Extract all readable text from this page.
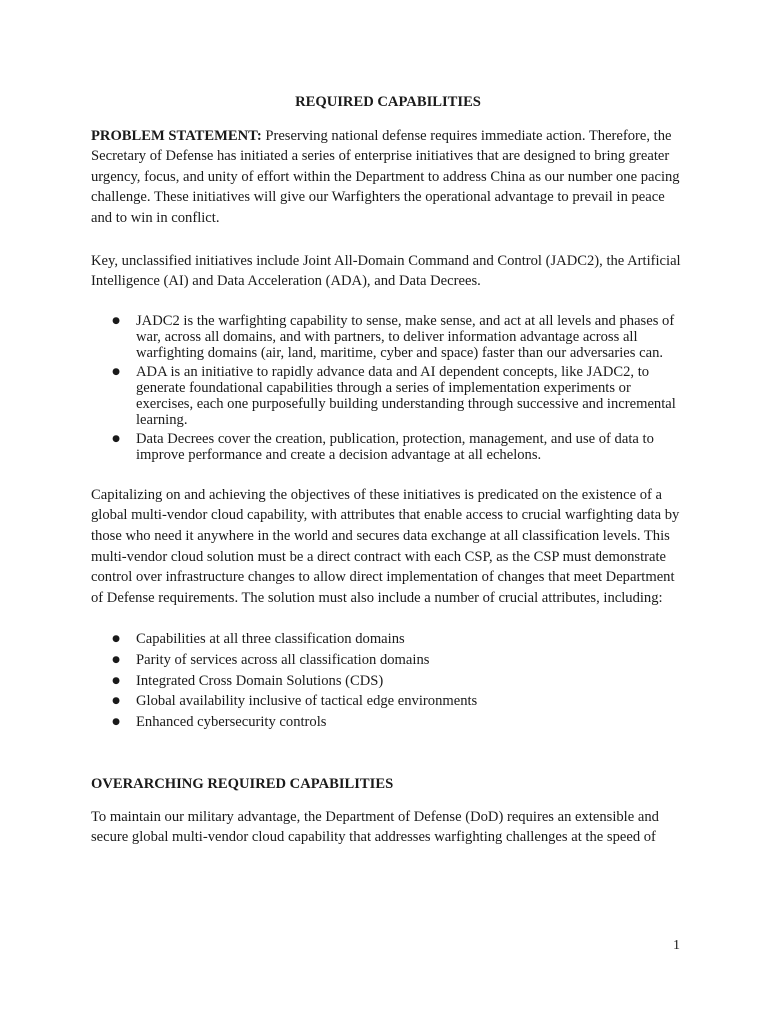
REQUIRED CAPABILITIES

PROBLEM STATEMENT: Preserving national defense requires immediate action. Therefore, the Secretary of Defense has initiated a series of enterprise initiatives that are designed to bring greater urgency, focus, and unity of effort within the Department to address China as our number one pacing challenge. These initiatives will give our Warfighters the operational advantage to prevail in peace and to win in conflict.

Key, unclassified initiatives include Joint All-Domain Command and Control (JADC2), the Artificial Intelligence (AI) and Data Acceleration (ADA), and Data Decrees.

● JADC2 is the warfighting capability to sense, make sense, and act at all levels and phases of war, across all domains, and with partners, to deliver information advantage across all warfighting domains (air, land, maritime, cyber and space) faster than our adversaries can.
● ADA is an initiative to rapidly advance data and AI dependent concepts, like JADC2, to generate foundational capabilities through a series of implementation experiments or exercises, each one purposefully building understanding through successive and incremental learning.
● Data Decrees cover the creation, publication, protection, management, and use of data to improve performance and create a decision advantage at all echelons.

Capitalizing on and achieving the objectives of these initiatives is predicated on the existence of a global multi-vendor cloud capability, with attributes that enable access to crucial warfighting data by those who need it anywhere in the world and secures data exchange at all classification levels. This multi-vendor cloud solution must be a direct contract with each CSP, as the CSP must demonstrate control over infrastructure changes to allow direct implementation of changes that meet Department of Defense requirements. The solution must also include a number of crucial attributes, including:

● Capabilities at all three classification domains
● Parity of services across all classification domains
● Integrated Cross Domain Solutions (CDS)
● Global availability inclusive of tactical edge environments
● Enhanced cybersecurity controls
OVERARCHING REQUIRED CAPABILITIES

To maintain our military advantage, the Department of Defense (DoD) requires an extensible and secure global multi-vendor cloud capability that addresses warfighting challenges at the speed of

1
